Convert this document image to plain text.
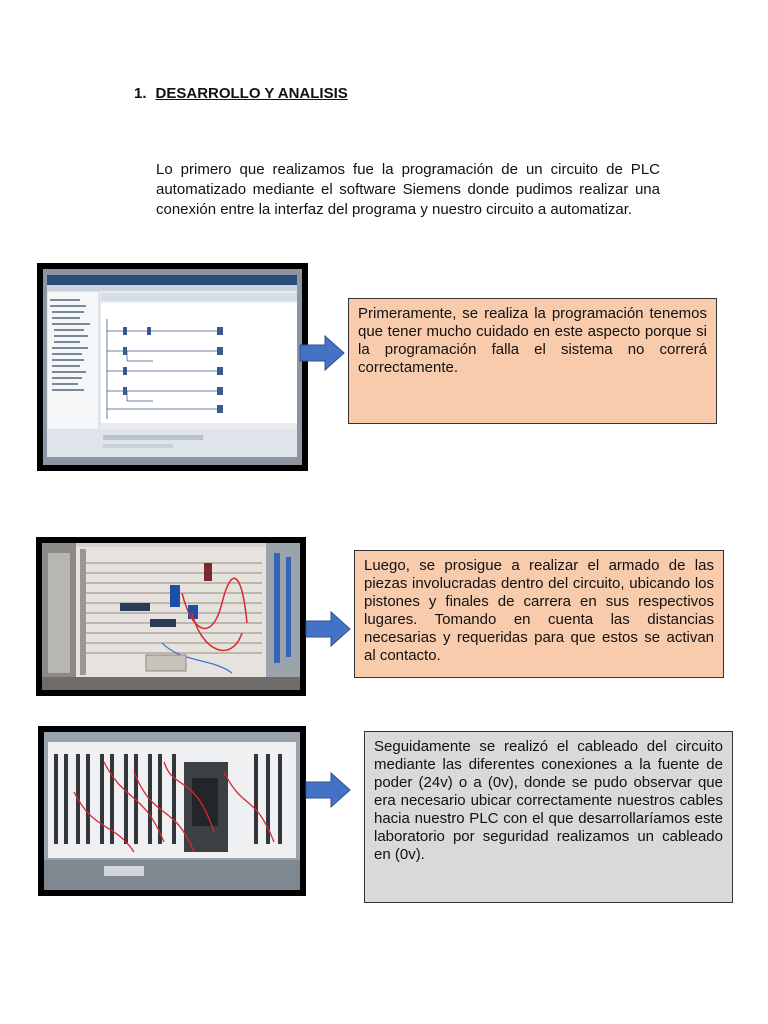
1. DESARROLLO Y ANALISIS
Lo primero que realizamos fue la programación de un circuito de PLC automatizado mediante el software Siemens donde pudimos realizar una conexión entre la interfaz del programa y nuestro circuito a automatizar.

Primeramente, se realiza la programación tenemos que tener mucho cuidado en este aspecto porque si la programación falla el sistema no correrá correctamente.

Luego, se prosigue a realizar el armado de las piezas involucradas dentro del circuito, ubicando los pistones y finales de carrera en sus respectivos lugares. Tomando en cuenta las distancias necesarias y requeridas para que estos se activan al contacto.

Seguidamente se realizó el cableado del circuito mediante las diferentes conexiones a la fuente de poder (24v) o a (0v), donde se pudo observar que era necesario ubicar correctamente nuestros cables hacia nuestro PLC con el que desarrollaríamos este laboratorio por seguridad realizamos un cableado en (0v).
